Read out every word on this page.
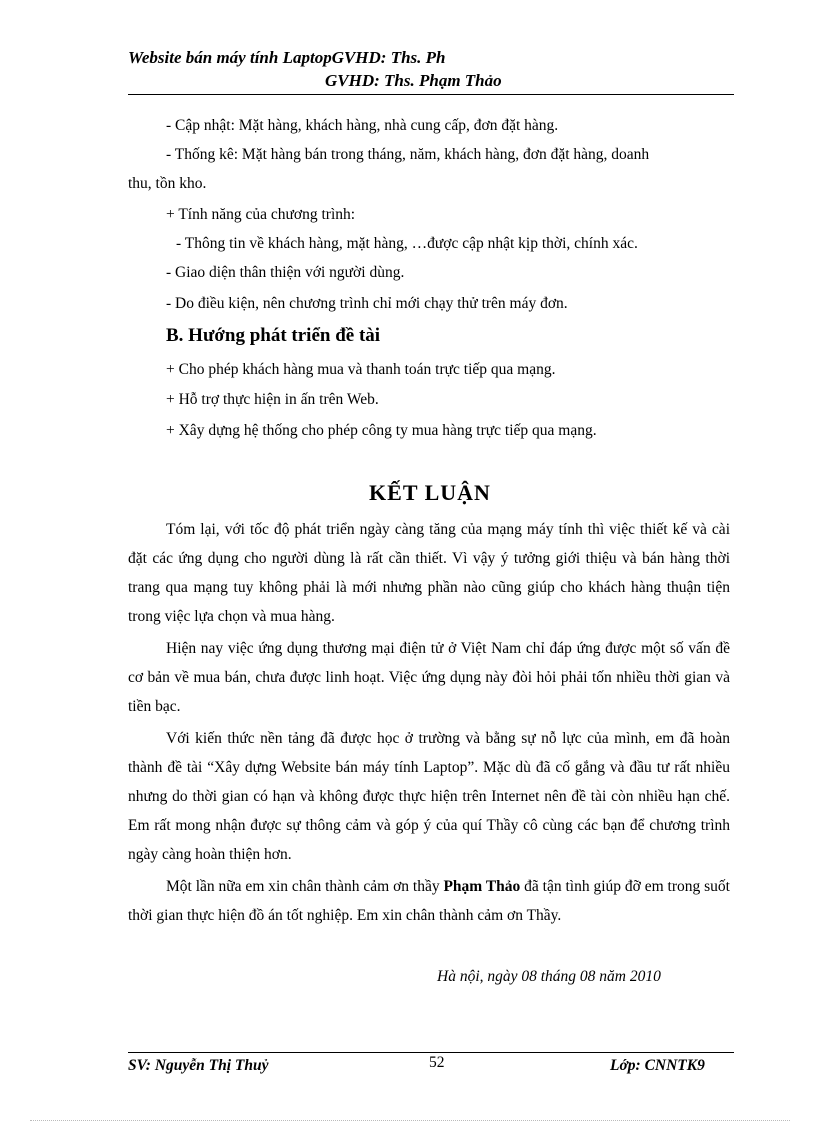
Website bán máy tính LaptopGVHD: Ths. Ph
GVHD: Ths. Phạm Thảo
- Cập nhật: Mặt hàng, khách hàng, nhà cung cấp, đơn đặt hàng.
- Thống kê: Mặt hàng bán trong tháng, năm, khách hàng, đơn đặt hàng, doanh
thu, tồn kho.
+ Tính năng của chương trình:
- Thông tin về khách hàng, mặt hàng, …được cập nhật kịp thời, chính xác.
- Giao diện thân thiện với người dùng.
- Do điều kiện, nên chương trình chỉ mới chạy thử trên máy đơn.
B. Hướng phát triển đề tài
+ Cho phép khách hàng mua và thanh toán trực tiếp qua mạng.
+ Hỗ trợ thực hiện in ấn trên Web.
+ Xây dựng hệ thống cho phép công ty mua hàng trực tiếp qua mạng.
KẾT LUẬN

Tóm lại, với tốc độ phát triển ngày càng tăng của mạng máy tính thì việc thiết kế và cài đặt các ứng dụng cho người dùng là rất cần thiết. Vì vậy ý tưởng giới thiệu và bán hàng thời trang qua mạng tuy không phải là mới nhưng phần nào cũng giúp cho khách hàng thuận tiện trong việc lựa chọn và mua hàng.

Hiện nay việc ứng dụng thương mại điện tử ở Việt Nam chỉ đáp ứng được một số vấn đề cơ bản về mua bán, chưa được linh hoạt. Việc ứng dụng này đòi hỏi phải tốn nhiều thời gian và tiền bạc.

Với kiến thức nền tảng đã được học ở trường và bằng sự nỗ lực của mình, em đã hoàn thành đề tài “Xây dựng Website bán máy tính Laptop”. Mặc dù đã cố gắng và đầu tư rất nhiều nhưng do thời gian có hạn và không được thực hiện trên Internet nên đề tài còn nhiều hạn chế. Em rất mong nhận được sự thông cảm và góp ý của quí Thầy cô cùng các bạn để chương trình ngày càng hoàn thiện hơn.

Một lần nữa em xin chân thành cảm ơn thầy Phạm Thảo đã tận tình giúp đỡ em trong suốt thời gian thực hiện đồ án tốt nghiệp. Em xin chân thành cảm ơn Thầy.

Hà nội, ngày 08 tháng 08 năm 2010
SV: Nguyễn Thị Thuỷ	52	Lớp: CNNTK9
